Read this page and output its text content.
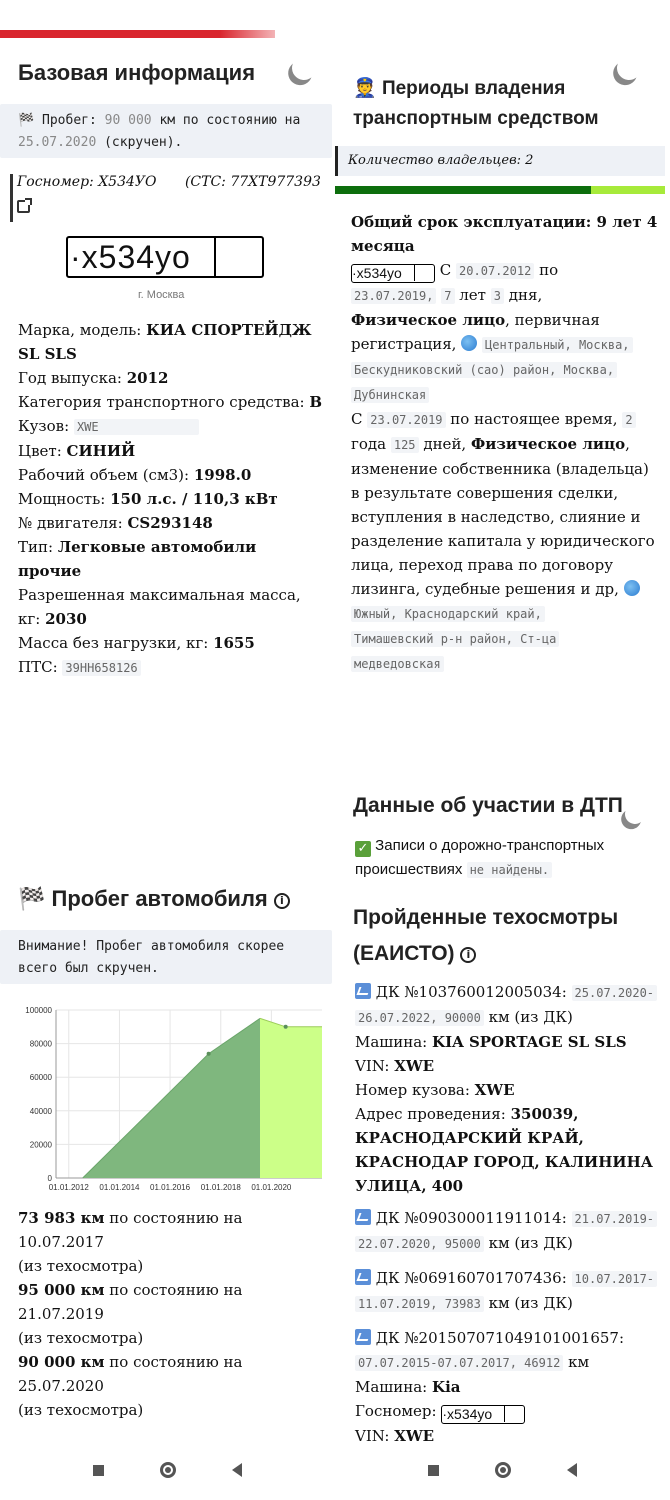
Базовая информация
🏁 Пробег: 90 000 км по состоянию на
25.07.2020 (скручен).
Госномер: Х534УО (СТС: 77ХТ977393
·x534yo
г. Москва
Марка, модель: КИА СПОРТЕЙДЖ SL SLS
Год выпуска: 2012
Категория транспортного средства: B
Кузов: XWE
Цвет: СИНИЙ
Рабочий объем (см3): 1998.0
Мощность: 150 л.с. / 110,3 кВт
№ двигателя: CS293148
Тип: Легковые автомобили прочие
Разрешенная максимальная масса, кг: 2030
Масса без нагрузки, кг: 1655
ПТС: 39НН658126
👮 Периоды владения
транспортным средством
Количество владельцев: 2
Общий срок эксплуатации: 9 лет 4
месяца
·x534yo	С 20.07.2012 по
23.07.2019, 7 лет 3 дня,
Физическое лицо, первичная
регистрация, Центральный, Москва,
Бескудниковский (сао) район, Москва,
Дубнинская
С 23.07.2019 по настоящее время, 2
года 125 дней, Физическое лицо,
изменение собственника (владельца)
в результате совершения сделки,
вступления в наследство, слияние и
разделение капитала у юридического
лица, переход права по договору
лизинга, судебные решения и др,
Южный, Краснодарский край,
Тимашевский р-н район, Ст-ца
медведовская
🏁 Пробег автомобиля i
Внимание! Пробег автомобиля скорее
всего был скручен.
0
20000
40000
60000
80000
100000
01.01.2012 01.01.2014 01.01.2016 01.01.2018 01.01.2020
73 983 км по состоянию на 10.07.2017
(из техосмотра)
95 000 км по состоянию на 21.07.2019
(из техосмотра)
90 000 км по состоянию на 25.07.2020
(из техосмотра)
Данные об участии в ДТП
✓ Записи о дорожно-транспортных
происшествиях не найдены.
Пройденные техосмотры
(ЕАИСТО) i
ДК №103760012005034: 25.07.2020-
26.07.2022, 90000 км (из ДК)
Машина: KIA SPORTAGE SL SLS
VIN: XWE
Номер кузова: XWE
Адрес проведения: 350039,
КРАСНОДАРСКИЙ КРАЙ,
КРАСНОДАР ГОРОД, КАЛИНИНА
УЛИЦА, 400
ДК №090300011911014: 21.07.2019-
22.07.2020, 95000 км (из ДК)
ДК №069160701707436: 10.07.2017-
11.07.2019, 73983 км (из ДК)
ДК №201507071049101001657:
07.07.2015-07.07.2017, 46912 км
Машина: Kia
Госномер: ·x534yo

VIN: XWE
